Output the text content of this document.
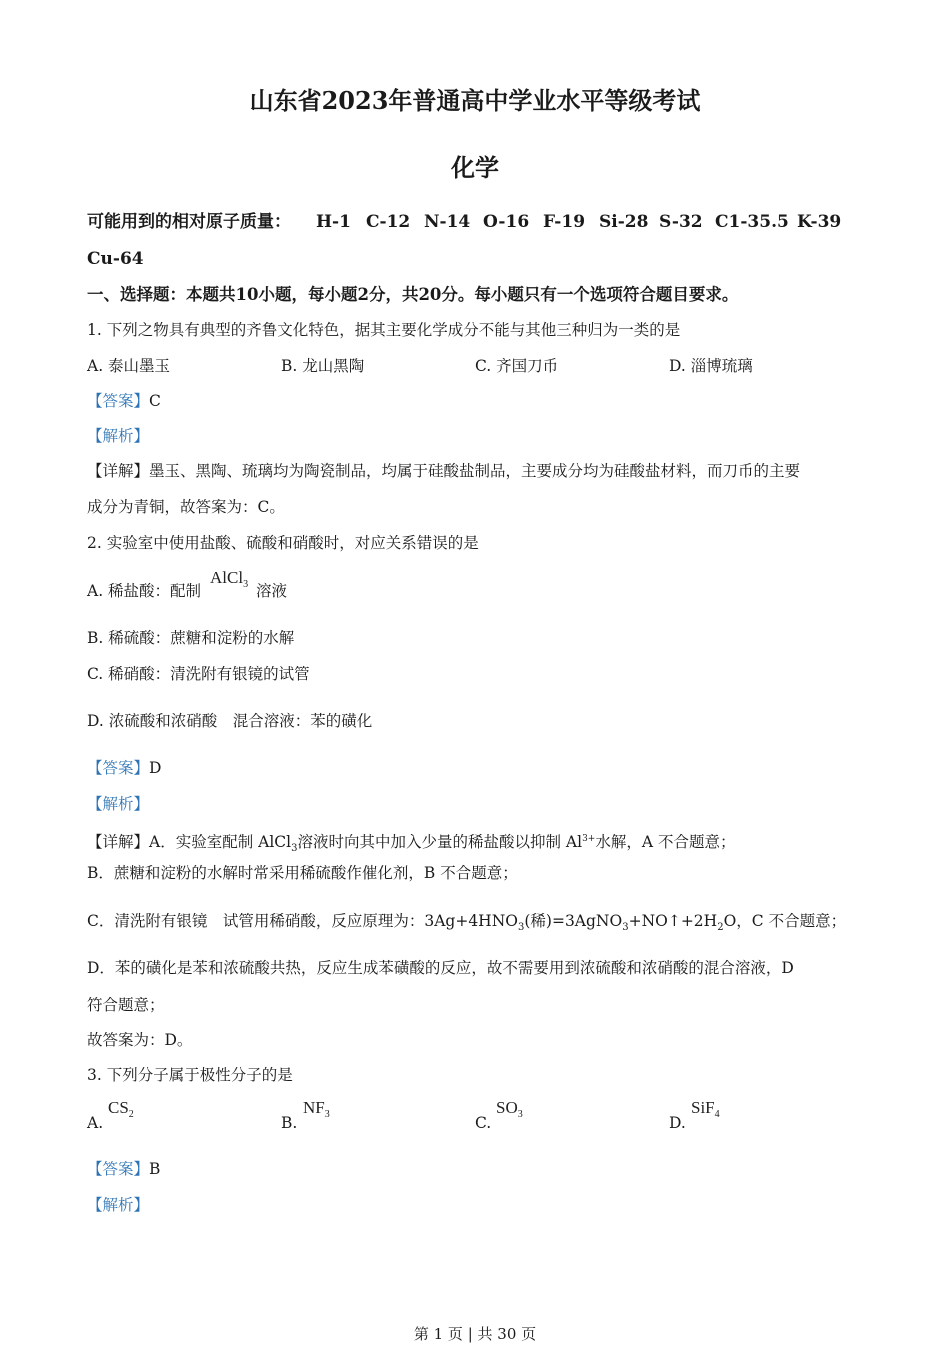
山东省2023年普通高中学业水平等级考试
化学
可能用到的相对原子质量： H-1 C-12 N-14 O-16 F-19 Si-28 S-32 C1-35.5 K-39
Cu-64
一、选择题：本题共10小题，每小题2分，共20分。每小题只有一个选项符合题目要求。
1. 下列之物具有典型的齐鲁文化特色，据其主要化学成分不能与其他三种归为一类的是
A. 泰山墨玉	B. 龙山黑陶	C. 齐国刀币	D. 淄博琉璃
【答案】C
【解析】
【详解】墨玉、黑陶、琉璃均为陶瓷制品，均属于硅酸盐制品，主要成分均为硅酸盐材料，而刀币的主要
成分为青铜，故答案为：C。
2. 实验室中使用盐酸、硫酸和硝酸时，对应关系错误的是
A. 稀盐酸：配制
AlCl$_3$ 溶液
B. 稀硫酸：蔗糖和淀粉的水解
C. 稀硝酸：清洗附有银镜的试管
D. 浓硫酸和浓硝酸　混合溶液：苯的磺化
【答案】D
【解析】
【详解】A．实验室配制 AlCl$_3$溶液时向其中加入少量的稀盐酸以抑制 $Al^{3+}$水解，A 不合题意；
B．蔗糖和淀粉的水解时常采用稀硫酸作催化剂，B 不合题意；
C．清洗附有银镜　试管用稀硝酸，反应原理为：$3Ag+4HNO_3$(稀)$=3AgNO_3+NO↑+2H_2O$，C 不合题意；
D．苯的磺化是苯和浓硫酸共热，反应生成苯磺酸的反应，故不需要用到浓硫酸和浓硝酸的混合溶液，D
符合题意；
故答案为：D。
3. 下列分子属于极性分子的是
A.
$CS_2$	B.
$NF_3$	C.
$SO_3$	D.
SiF$_4$
【答案】B
【解析】
第 1 页 | 共 30 页
